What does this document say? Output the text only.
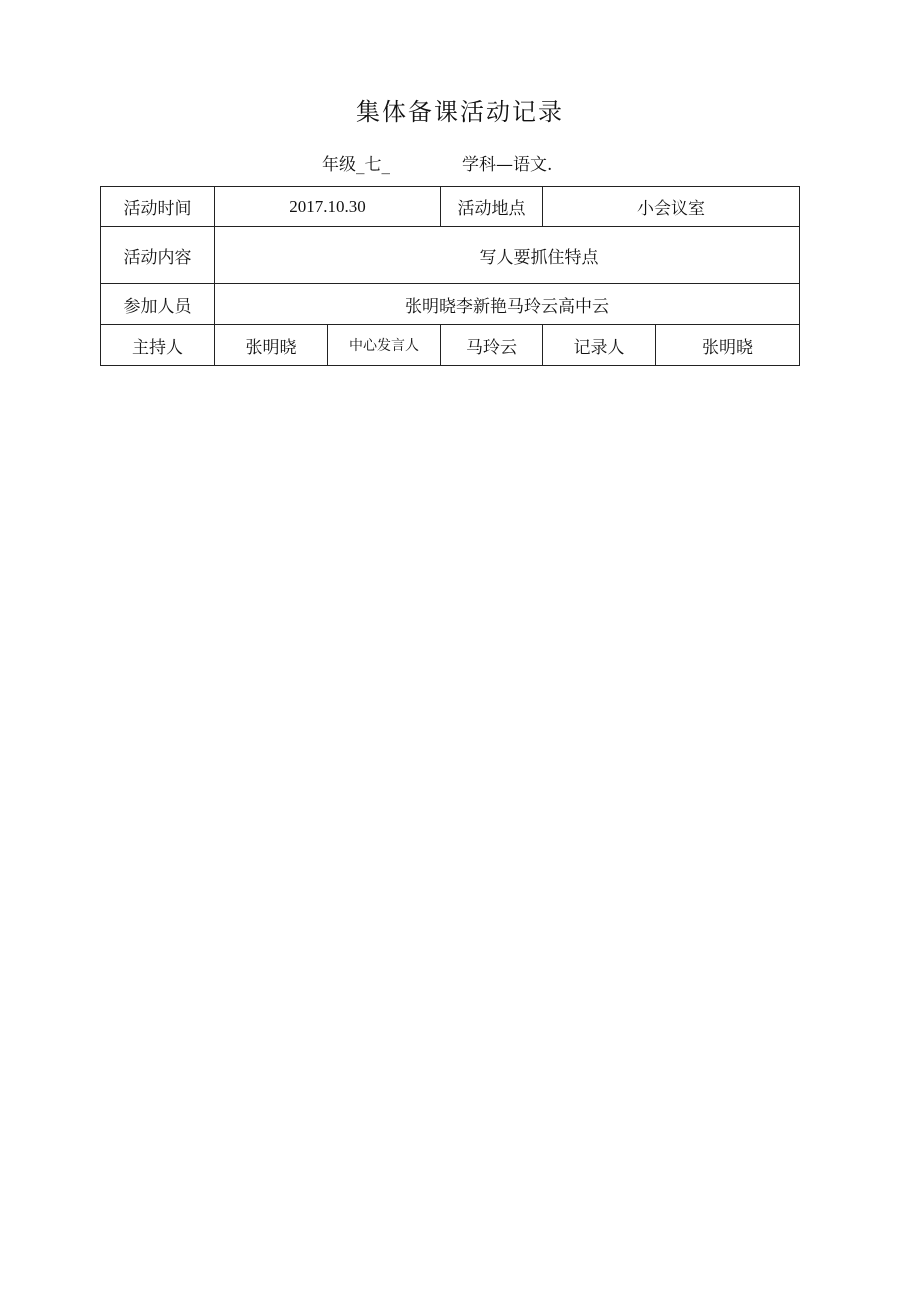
集体备课活动记录
年级_七_	学科—语文.
活动时间	2017.10.30		活动地点	小会议室	
活动内容	写人要抓住特点				
参加人员	张明晓李新艳马玲云高中云				
主持人	张明晓	中心发言人	马玲云	记录人	张明晓
